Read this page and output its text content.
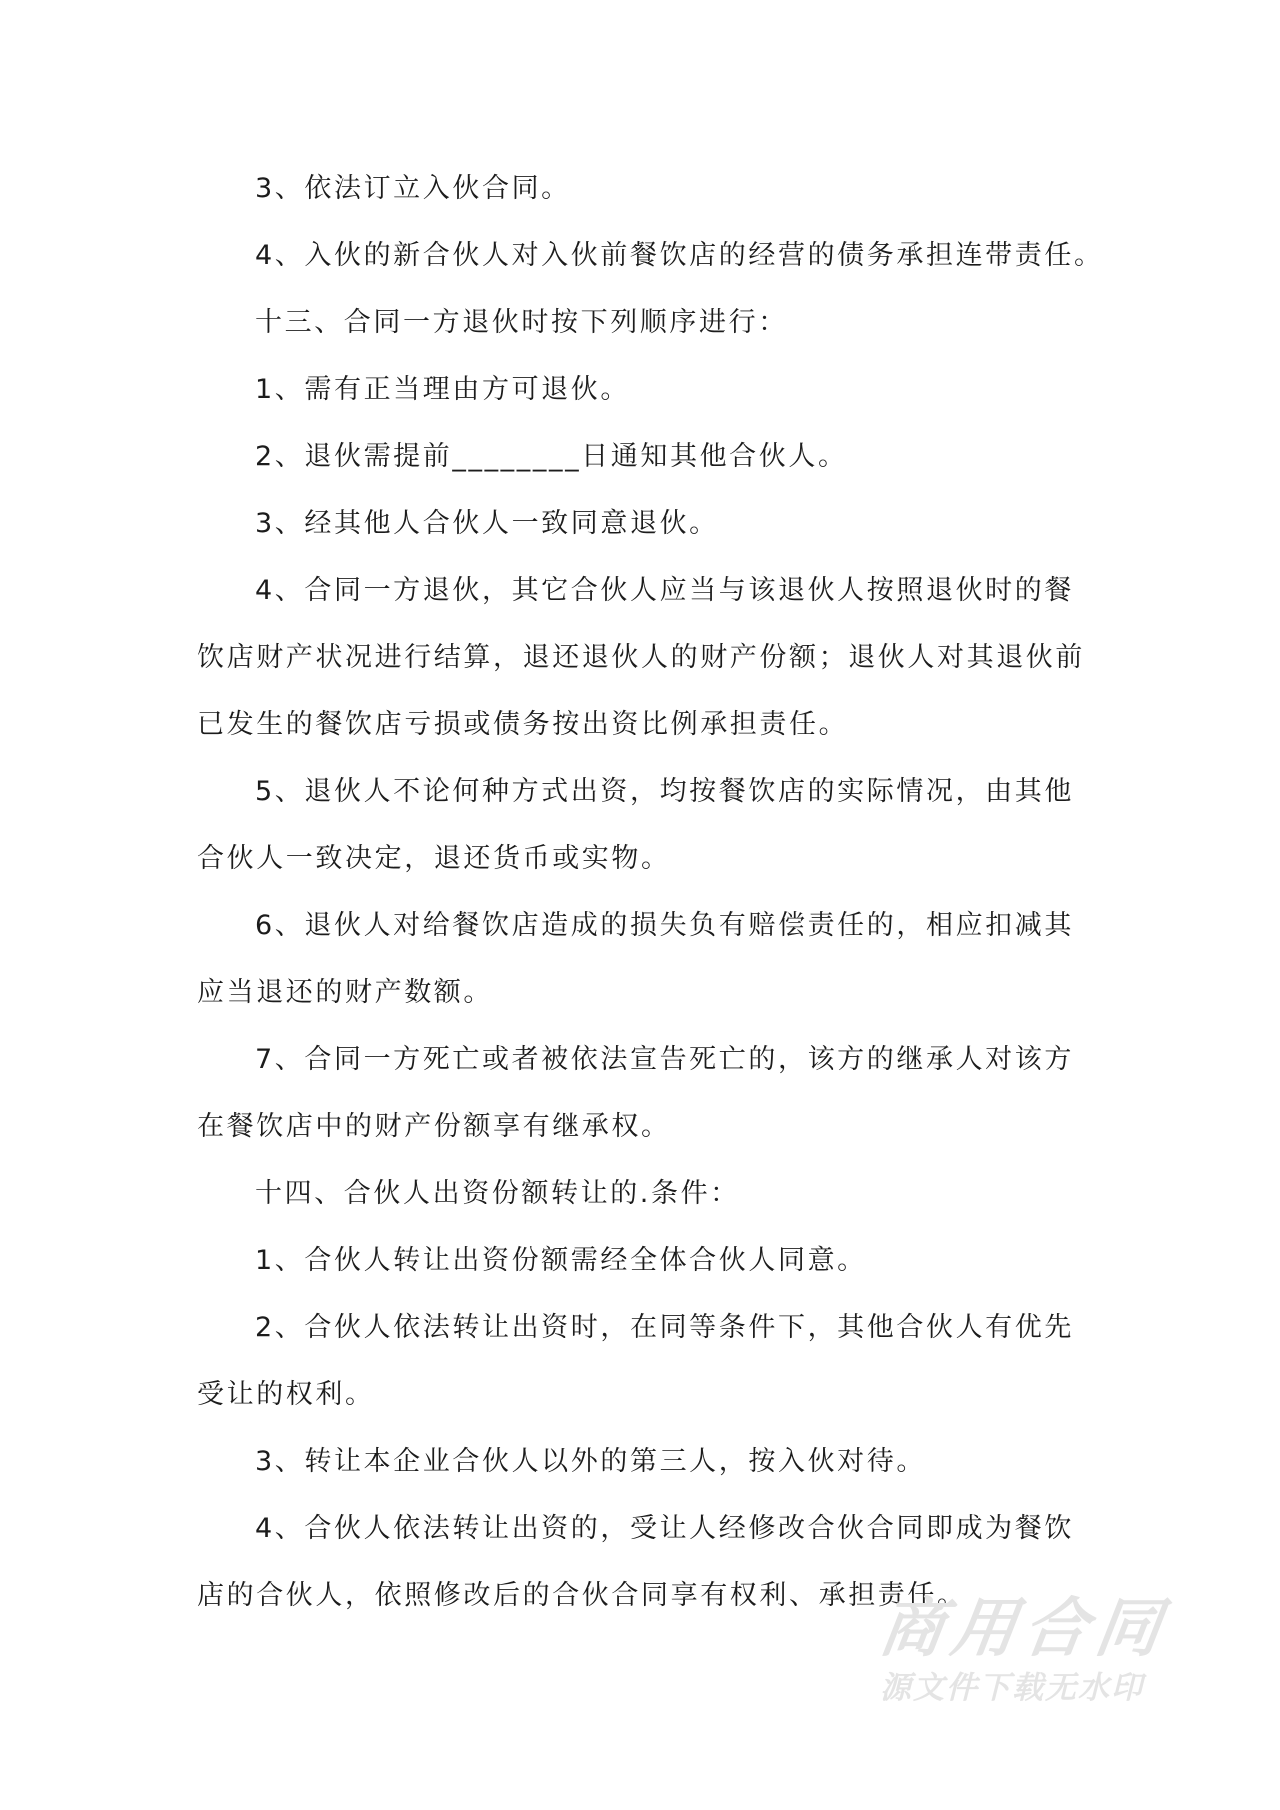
3、依法订立入伙合同。
4、入伙的新合伙人对入伙前餐饮店的经营的债务承担连带责任。
十三、合同一方退伙时按下列顺序进行：
1、需有正当理由方可退伙。
2、退伙需提前________日通知其他合伙人。
3、经其他人合伙人一致同意退伙。
4、合同一方退伙，其它合伙人应当与该退伙人按照退伙时的餐
饮店财产状况进行结算，退还退伙人的财产份额；退伙人对其退伙前
已发生的餐饮店亏损或债务按出资比例承担责任。
5、退伙人不论何种方式出资，均按餐饮店的实际情况，由其他
合伙人一致决定，退还货币或实物。
6、退伙人对给餐饮店造成的损失负有赔偿责任的，相应扣减其
应当退还的财产数额。
7、合同一方死亡或者被依法宣告死亡的，该方的继承人对该方
在餐饮店中的财产份额享有继承权。
十四、合伙人出资份额转让的.条件：
1、合伙人转让出资份额需经全体合伙人同意。
2、合伙人依法转让出资时，在同等条件下，其他合伙人有优先
受让的权利。
3、转让本企业合伙人以外的第三人，按入伙对待。
4、合伙人依法转让出资的，受让人经修改合伙合同即成为餐饮
店的合伙人，依照修改后的合伙合同享有权利、承担责任。
商用合同
源文件下载无水印
